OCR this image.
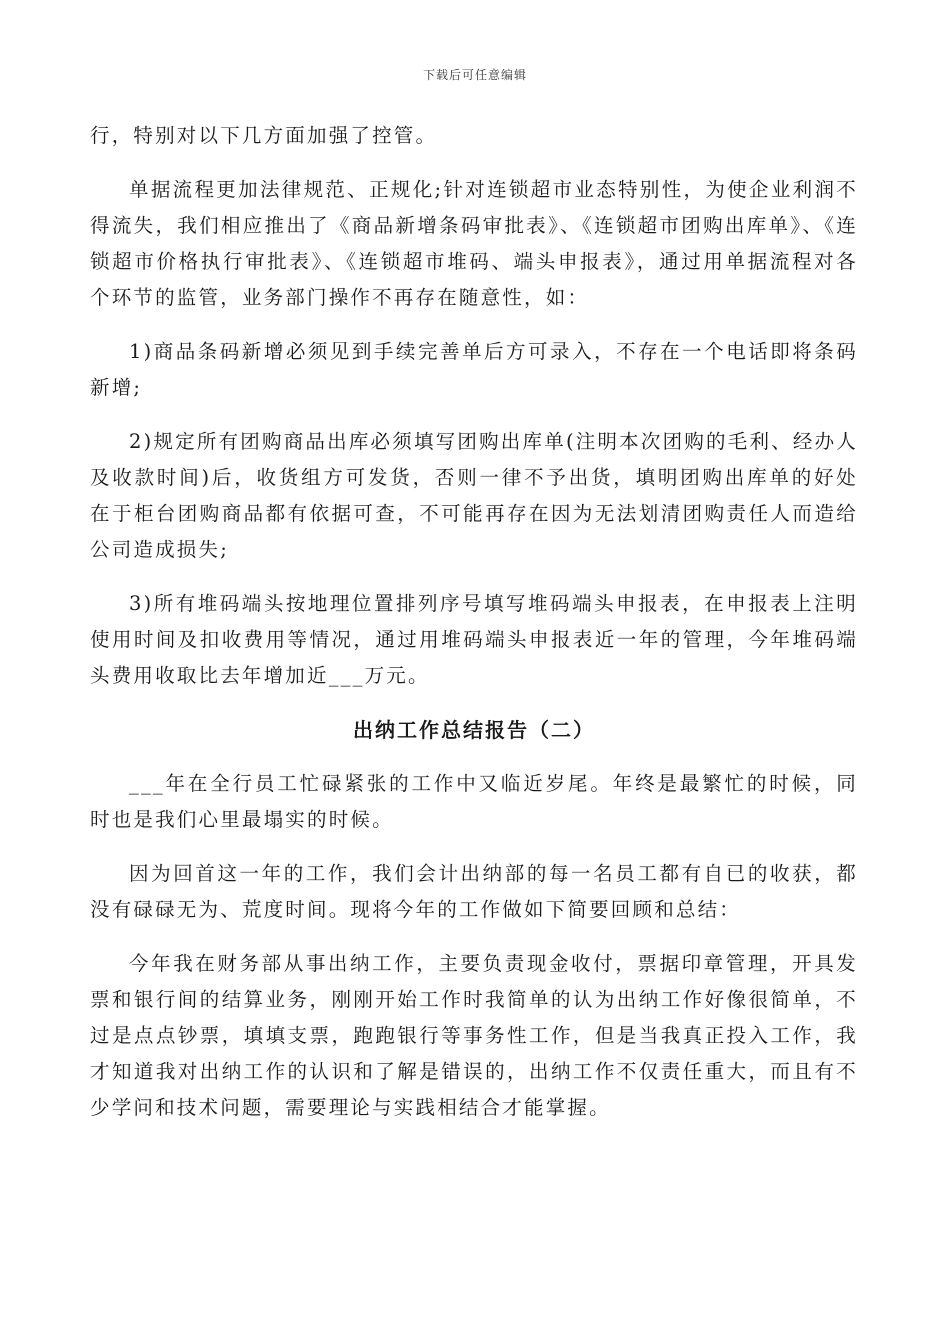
下载后可任意编辑

行，特别对以下几方面加强了控管。

单据流程更加法律规范、正规化;针对连锁超市业态特别性，为使企业利润不得流失，我们相应推出了《商品新增条码审批表》、《连锁超市团购出库单》、《连锁超市价格执行审批表》、《连锁超市堆码、端头申报表》，通过用单据流程对各个环节的监管，业务部门操作不再存在随意性，如：

1)商品条码新增必须见到手续完善单后方可录入，不存在一个电话即将条码新增;

2)规定所有团购商品出库必须填写团购出库单(注明本次团购的毛利、经办人及收款时间)后，收货组方可发货，否则一律不予出货，填明团购出库单的好处在于柜台团购商品都有依据可查，不可能再存在因为无法划清团购责任人而造给公司造成损失;

3)所有堆码端头按地理位置排列序号填写堆码端头申报表，在申报表上注明使用时间及扣收费用等情况，通过用堆码端头申报表近一年的管理，今年堆码端头费用收取比去年增加近___万元。

出纳工作总结报告（二）

___年在全行员工忙碌紧张的工作中又临近岁尾。年终是最繁忙的时候，同时也是我们心里最塌实的时候。

因为回首这一年的工作，我们会计出纳部的每一名员工都有自已的收获，都没有碌碌无为、荒度时间。现将今年的工作做如下简要回顾和总结：

今年我在财务部从事出纳工作，主要负责现金收付，票据印章管理，开具发票和银行间的结算业务，刚刚开始工作时我简单的认为出纳工作好像很简单，不过是点点钞票，填填支票，跑跑银行等事务性工作，但是当我真正投入工作，我才知道我对出纳工作的认识和了解是错误的，出纳工作不仅责任重大，而且有不少学问和技术问题，需要理论与实践相结合才能掌握。
